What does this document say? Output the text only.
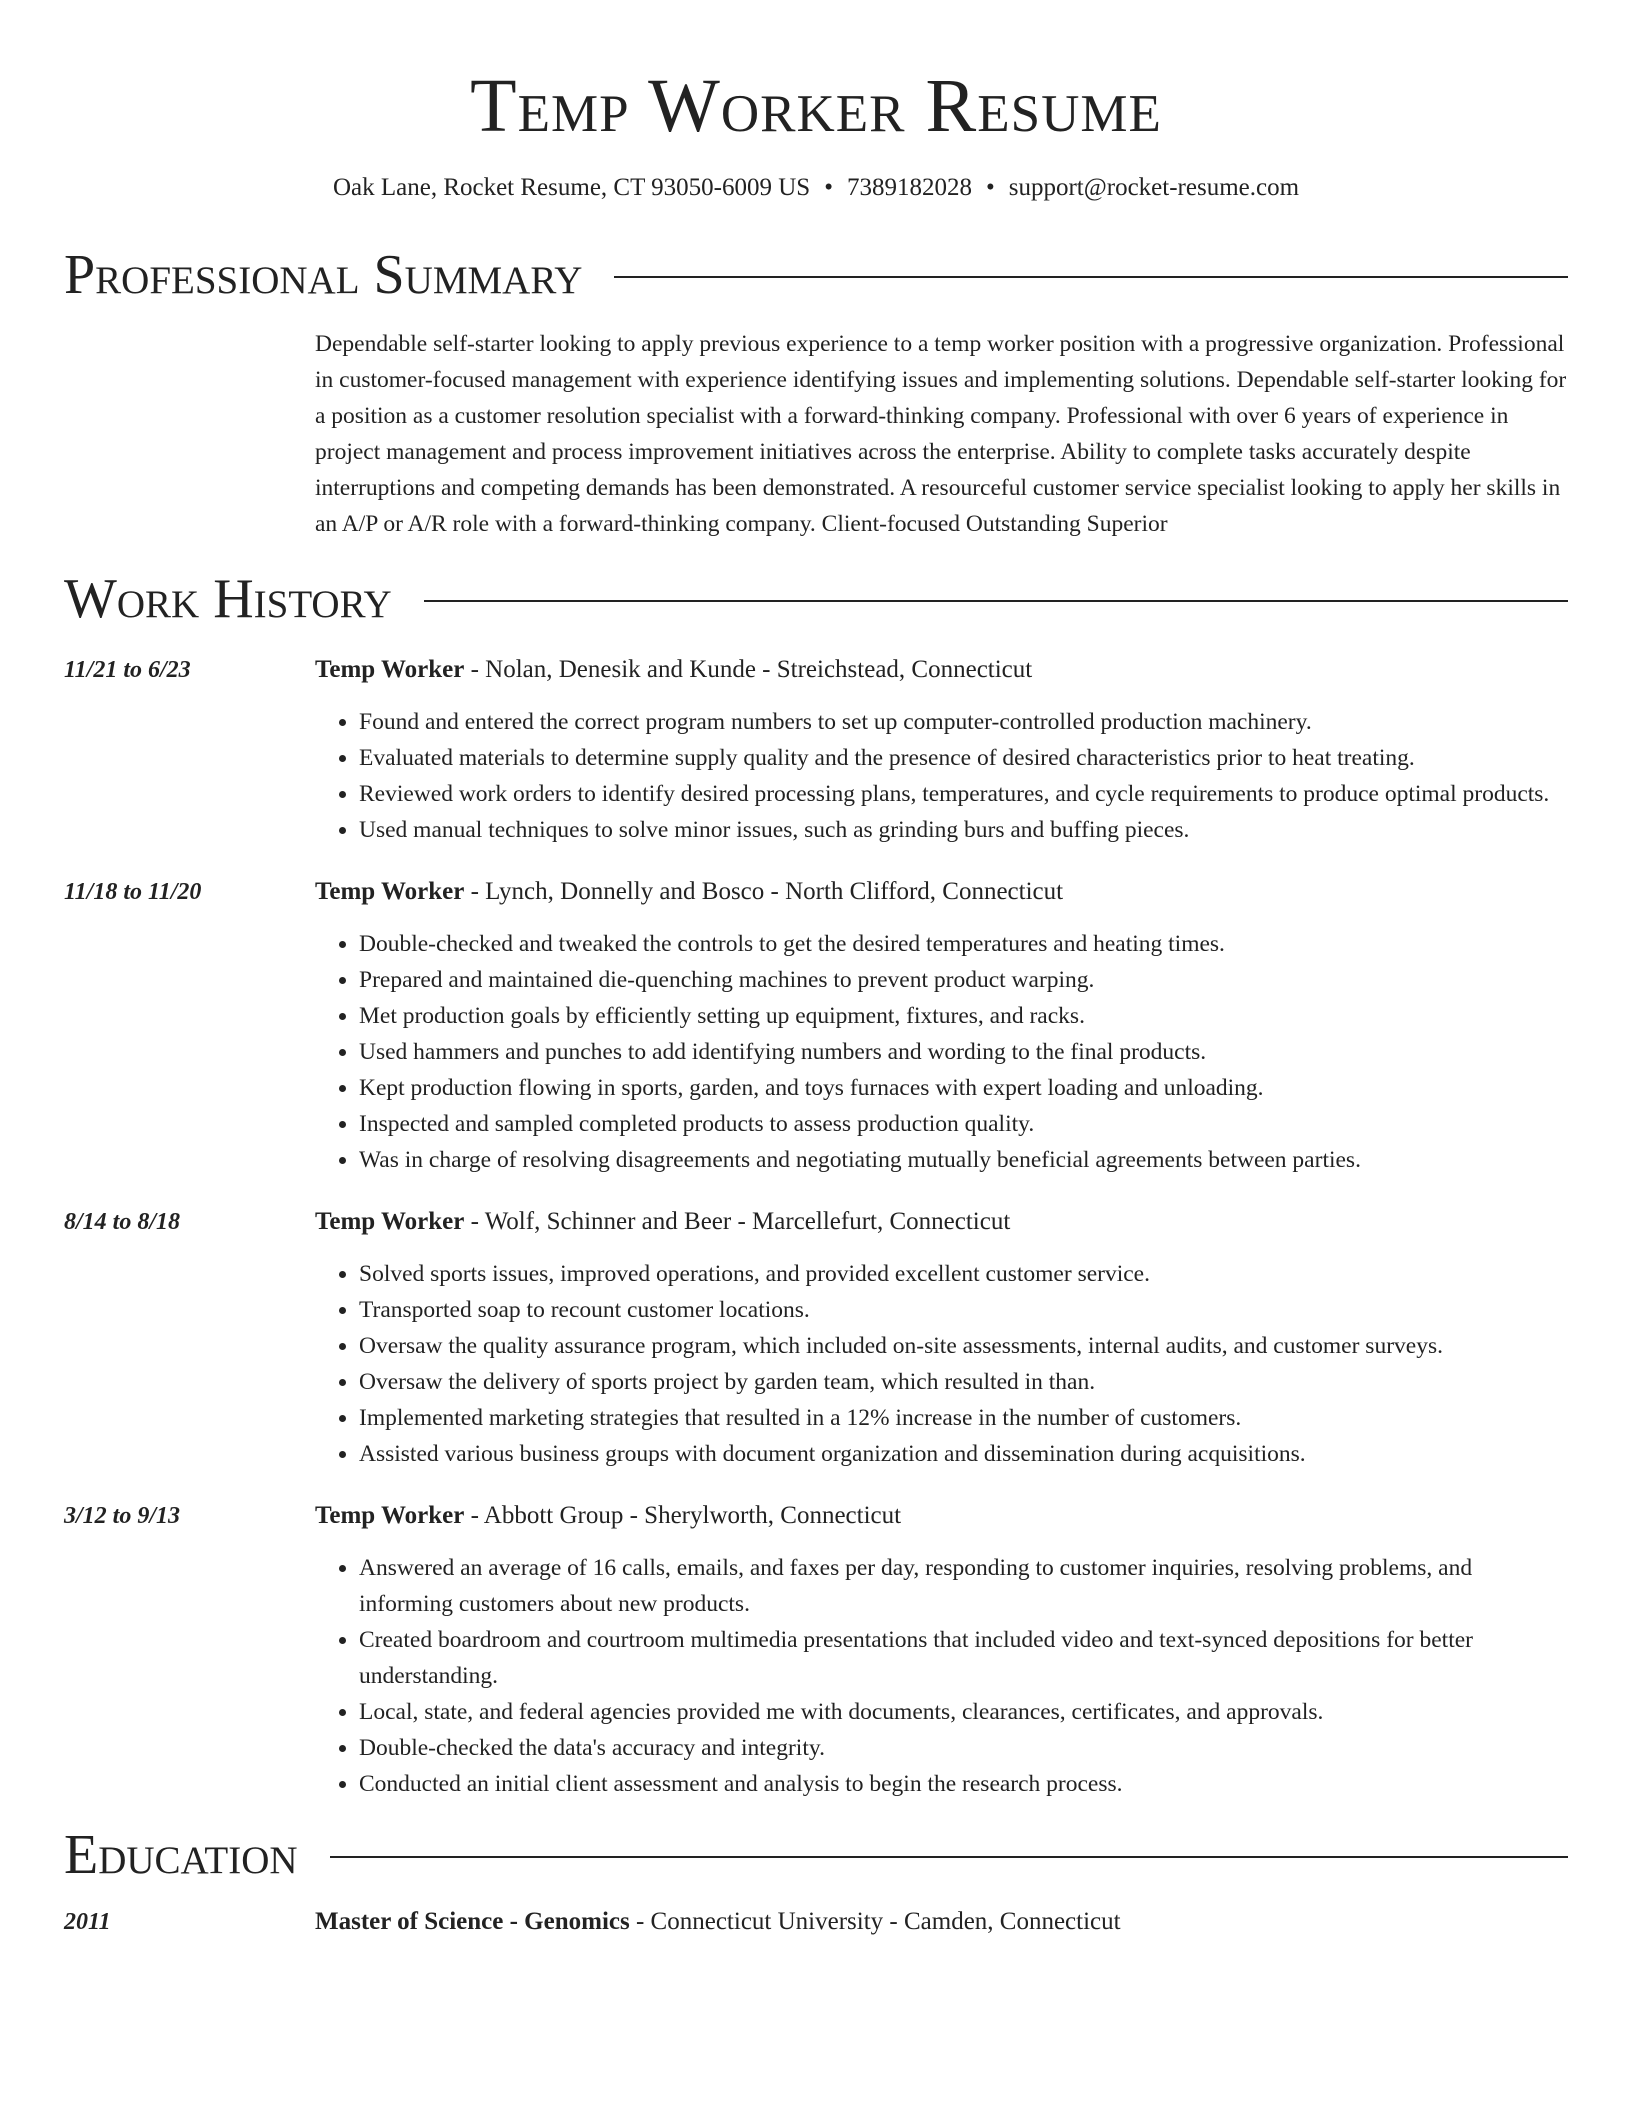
Temp Worker Resume
Oak Lane, Rocket Resume, CT 93050-6009 US • 7389182028 • support@rocket-resume.com
Professional Summary
Dependable self-starter looking to apply previous experience to a temp worker position with a progressive organization. Professional in customer-focused management with experience identifying issues and implementing solutions. Dependable self-starter looking for a position as a customer resolution specialist with a forward-thinking company. Professional with over 6 years of experience in project management and process improvement initiatives across the enterprise. Ability to complete tasks accurately despite interruptions and competing demands has been demonstrated. A resourceful customer service specialist looking to apply her skills in an A/P or A/R role with a forward-thinking company. Client-focused Outstanding Superior
Work History
11/21 to 6/23	Temp Worker - Nolan, Denesik and Kunde - Streichstead, Connecticut
• Found and entered the correct program numbers to set up computer-controlled production machinery.
• Evaluated materials to determine supply quality and the presence of desired characteristics prior to heat treating.
• Reviewed work orders to identify desired processing plans, temperatures, and cycle requirements to produce optimal products.
• Used manual techniques to solve minor issues, such as grinding burs and buffing pieces.
11/18 to 11/20	Temp Worker - Lynch, Donnelly and Bosco - North Clifford, Connecticut
• Double-checked and tweaked the controls to get the desired temperatures and heating times.
• Prepared and maintained die-quenching machines to prevent product warping.
• Met production goals by efficiently setting up equipment, fixtures, and racks.
• Used hammers and punches to add identifying numbers and wording to the final products.
• Kept production flowing in sports, garden, and toys furnaces with expert loading and unloading.
• Inspected and sampled completed products to assess production quality.
• Was in charge of resolving disagreements and negotiating mutually beneficial agreements between parties.
8/14 to 8/18	Temp Worker - Wolf, Schinner and Beer - Marcellefurt, Connecticut
• Solved sports issues, improved operations, and provided excellent customer service.
• Transported soap to recount customer locations.
• Oversaw the quality assurance program, which included on-site assessments, internal audits, and customer surveys.
• Oversaw the delivery of sports project by garden team, which resulted in than.
• Implemented marketing strategies that resulted in a 12% increase in the number of customers.
• Assisted various business groups with document organization and dissemination during acquisitions.
3/12 to 9/13	Temp Worker - Abbott Group - Sherylworth, Connecticut
• Answered an average of 16 calls, emails, and faxes per day, responding to customer inquiries, resolving problems, and informing customers about new products.
• Created boardroom and courtroom multimedia presentations that included video and text-synced depositions for better understanding.
• Local, state, and federal agencies provided me with documents, clearances, certificates, and approvals.
• Double-checked the data's accuracy and integrity.
• Conducted an initial client assessment and analysis to begin the research process.
Education
2011	Master of Science - Genomics - Connecticut University - Camden, Connecticut
